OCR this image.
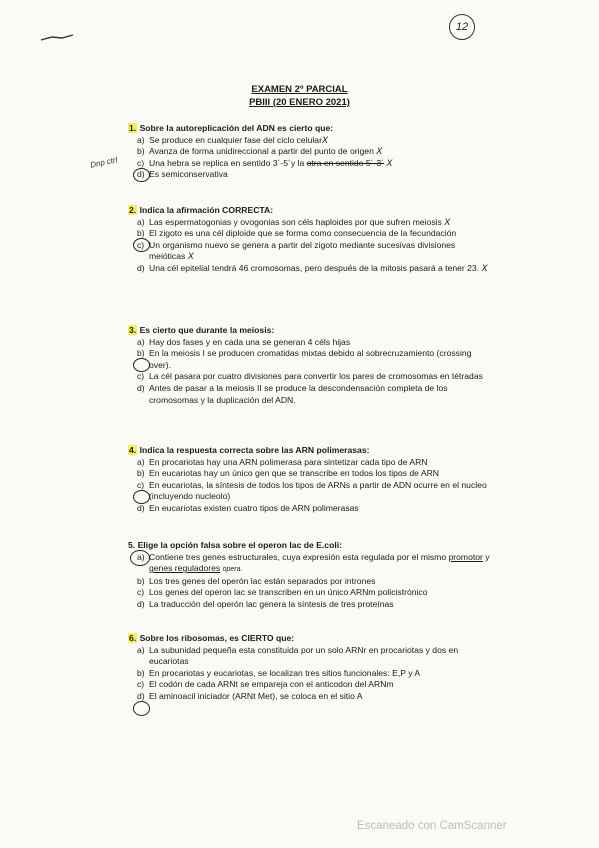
12
EXAMEN 2º PARCIAL
PBIII (20 ENERO 2021)
Dnp ctrl
1. Sobre la autoreplicación del ADN es cierto que:
a) Se produce en cualquier fase del ciclo celular X
b) Avanza de forma unidireccional a partir del punto de origen X
c) Una hebra se replica en sentido 3´-5´y la otra en sentido 5´-3´ X
d) Es semiconservativa
2. Indica la afirmación CORRECTA:
a) Las espermatogonias y ovogonias son céls haploides por que sufren meiosis X
b) El zigoto es una cél diploide que se forma como consecuencia de la fecundación
c) Un organismo nuevo se genera a partir del zigoto mediante sucesivas divisiones meióticas X
d) Una cél epitelial tendrá 46 cromosomas, pero después de la mitosis pasará a tener 23. X
3. Es cierto que durante la meiosis:
a) Hay dos fases y en cada una se generan 4 céls hijas
b) En la meiosis I se producen cromatidas mixtas debido al sobrecruzamiento (crossing over).
c) La cél pasara por cuatro divisiones para convertir los pares de cromosomas en tétradas
d) Antes de pasar a la meiosis II se produce la descondensación completa de los cromosomas y la duplicación del ADN.
4. Indica la respuesta correcta sobre las ARN polimerasas:
a) En procariotas hay una ARN polimerasa para sintetizar cada tipo de ARN
b) En eucariotas hay un único gen que se transcribe en todos los tipos de ARN
c) En eucariotas, la síntesis de todos los tipos de ARNs a partir de ADN ocurre en el nucleo (incluyendo nucleolo)
d) En eucariotas existen cuatro tipos de ARN polimerasas
5. Elige la opción falsa sobre el operon lac de E.coli:
a) Contiene tres genes estructurales, cuya expresión esta regulada por el mismo promotor y genes reguladores opera.
b) Los tres genes del operón lac están separados por intrones
c) Los genes del operon lac se transcriben en un único ARNm policistrónico
d) La traducción del operón lac genera la síntesis de tres proteínas
6. Sobre los ribosomas, es CIERTO que:
a) La subunidad pequeña esta constituida por un solo ARNr en procariotas y dos en eucariotas
b) En procariotas y eucariotas, se localizan tres sitios funcionales: E,P y A
c) El codón de cada ARNt se empareja con el anticodon del ARNm
d) El aminoacil iniciador (ARNt Met), se coloca en el sitio A
Escaneado con CamScanner
